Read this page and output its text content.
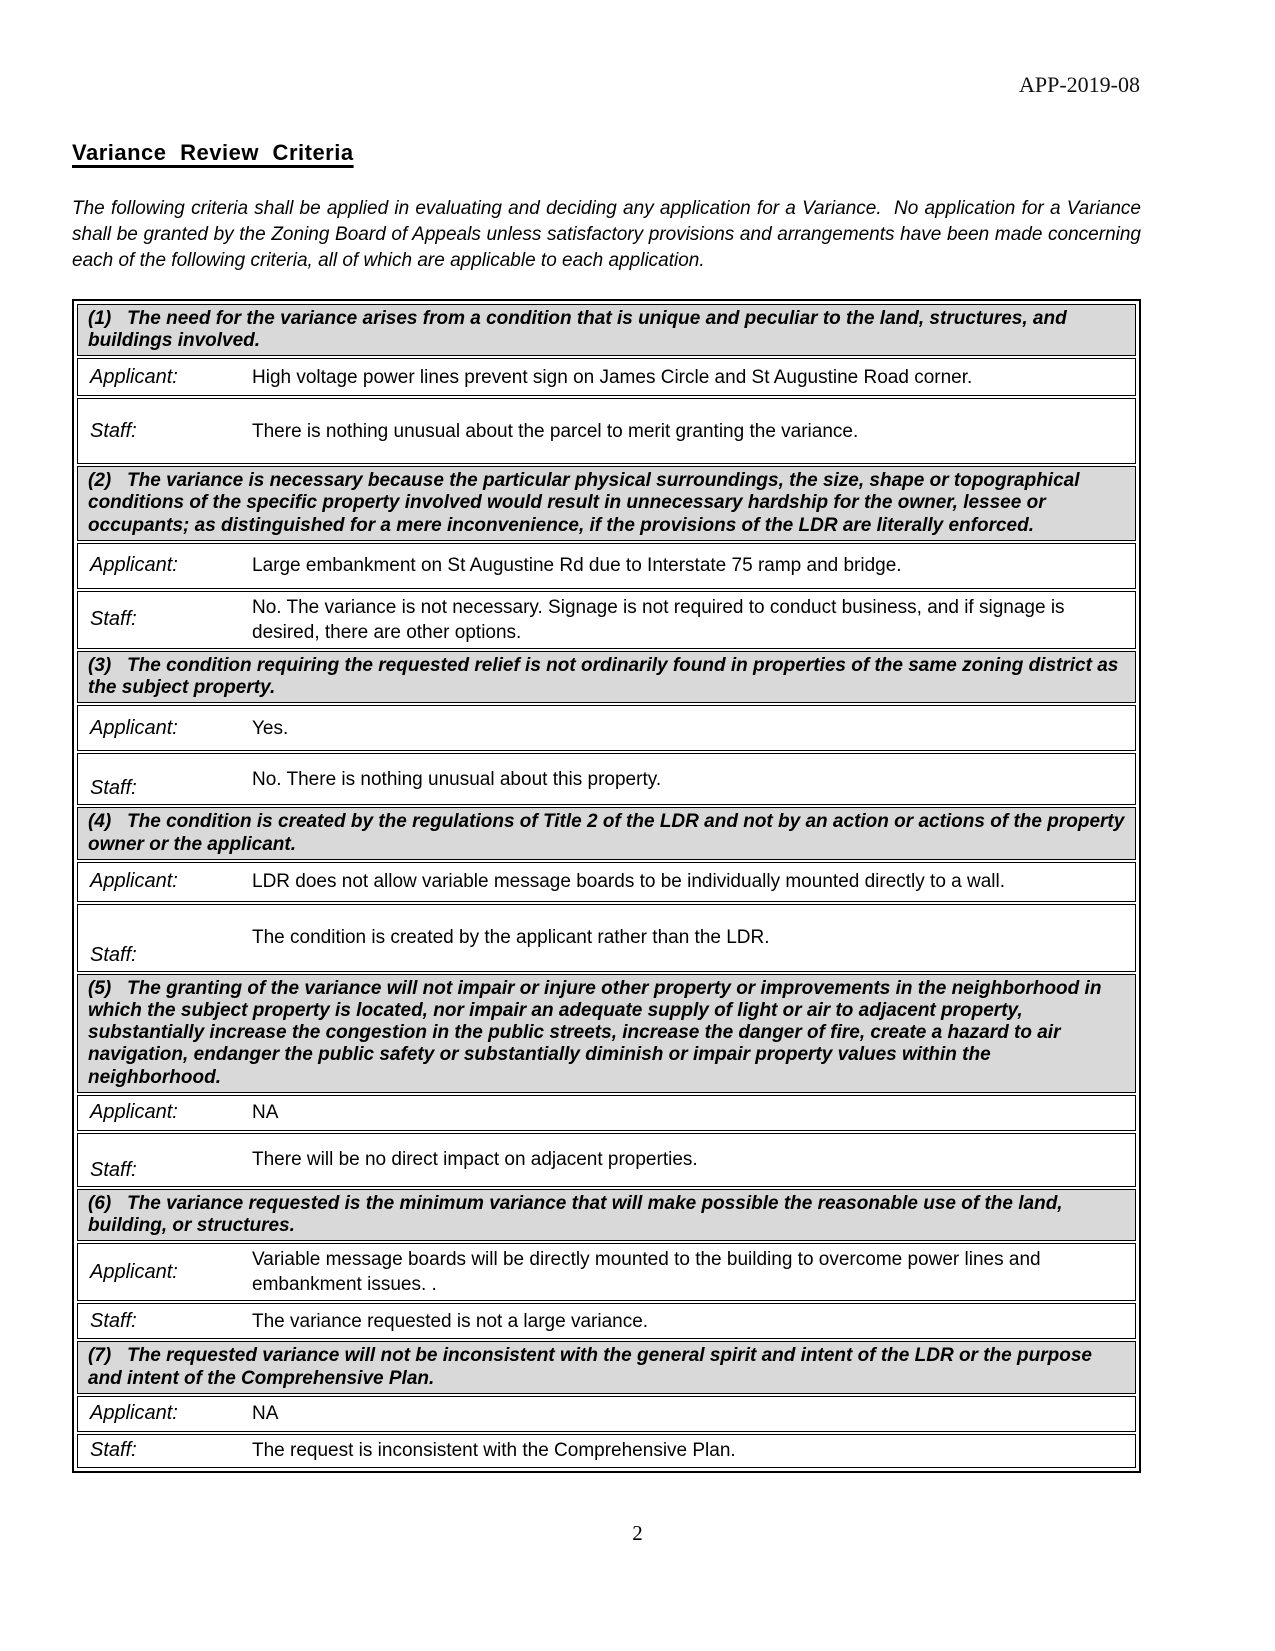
APP-2019-08
Variance Review Criteria

The following criteria shall be applied in evaluating and deciding any application for a Variance.  No application for a Variance shall be granted by the Zoning Board of Appeals unless satisfactory provisions and arrangements have been made concerning each of the following criteria, all of which are applicable to each application.

(1)   The need for the variance arises from a condition that is unique and peculiar to the land, structures, and buildings involved.
Applicant:	High voltage power lines prevent sign on James Circle and St Augustine Road corner.
Staff:	There is nothing unusual about the parcel to merit granting the variance.
(2)   The variance is necessary because the particular physical surroundings, the size, shape or topographical conditions of the specific property involved would result in unnecessary hardship for the owner, lessee or occupants; as distinguished for a mere inconvenience, if the provisions of the LDR are literally enforced.
Applicant:	Large embankment on St Augustine Rd due to Interstate 75 ramp and bridge.
Staff:
No. The variance is not necessary. Signage is not required to conduct business, and if signage is desired, there are other options.
(3)   The condition requiring the requested relief is not ordinarily found in properties of the same zoning district as the subject property.
Applicant:	Yes.
Staff:	No. There is nothing unusual about this property.
(4)   The condition is created by the regulations of Title 2 of the LDR and not by an action or actions of the property owner or the applicant.
Applicant:	LDR does not allow variable message boards to be individually mounted directly to a wall.
Staff:
The condition is created by the applicant rather than the LDR.
(5)   The granting of the variance will not impair or injure other property or improvements in the neighborhood in which the subject property is located, nor impair an adequate supply of light or air to adjacent property, substantially increase the congestion in the public streets, increase the danger of fire, create a hazard to air navigation, endanger the public safety or substantially diminish or impair property values within the neighborhood.
Applicant:	NA
Staff:	There will be no direct impact on adjacent properties.
(6)   The variance requested is the minimum variance that will make possible the reasonable use of the land, building, or structures.
Applicant:
Variable message boards will be directly mounted to the building to overcome power lines and embankment issues. .
Staff:	The variance requested is not a large variance.
(7)   The requested variance will not be inconsistent with the general spirit and intent of the LDR or the purpose and intent of the Comprehensive Plan.
Applicant:	NA
Staff:	The request is inconsistent with the Comprehensive Plan.
2
